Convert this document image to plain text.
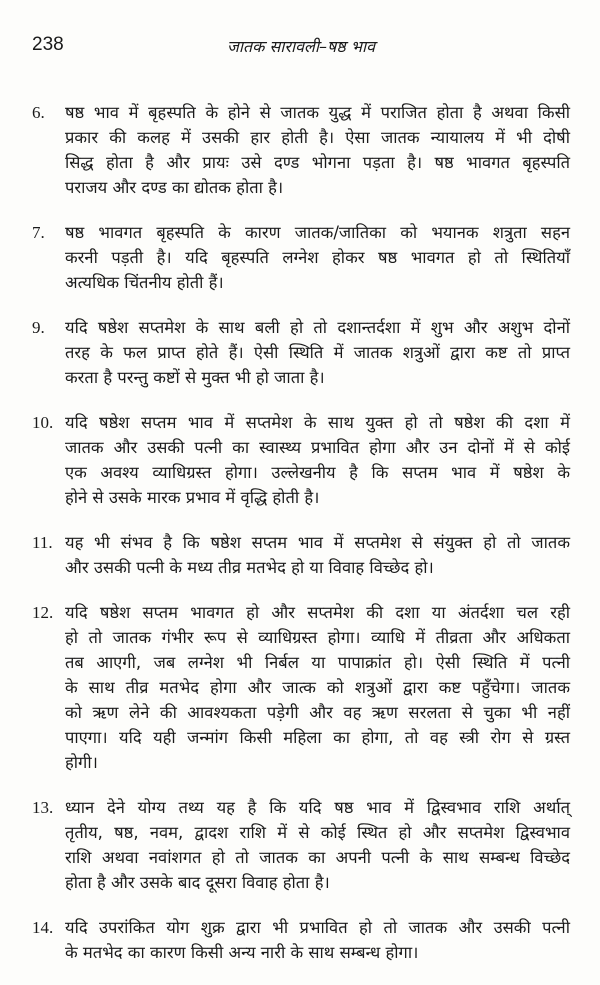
238	जातक सारावली–षष्ठ भाव
6. षष्ठ भाव में बृहस्पति के होने से जातक युद्ध में पराजित होता है अथवा किसी
प्रकार की कलह में उसकी हार होती है। ऐसा जातक न्यायालय में भी दोषी
सिद्ध होता है और प्रायः उसे दण्ड भोगना पड़ता है। षष्ठ भावगत बृहस्पति
पराजय और दण्ड का द्योतक होता है।
7. षष्ठ भावगत बृहस्पति के कारण जातक/जातिका को भयानक शत्रुता सहन
करनी पड़ती है। यदि बृहस्पति लग्नेश होकर षष्ठ भावगत हो तो स्थितियाँ
अत्यधिक चिंतनीय होती हैं।
9. यदि षष्ठेश सप्तमेश के साथ बली हो तो दशान्तर्दशा में शुभ और अशुभ दोनों
तरह के फल प्राप्त होते हैं। ऐसी स्थिति में जातक शत्रुओं द्वारा कष्ट तो प्राप्त
करता है परन्तु कष्टों से मुक्त भी हो जाता है।
10. यदि षष्ठेश सप्तम भाव में सप्तमेश के साथ युक्त हो तो षष्ठेश की दशा में
जातक और उसकी पत्नी का स्वास्थ्य प्रभावित होगा और उन दोनों में से कोई
एक अवश्य व्याधिग्रस्त होगा। उल्लेखनीय है कि सप्तम भाव में षष्ठेश के
होने से उसके मारक प्रभाव में वृद्धि होती है।
11. यह भी संभव है कि षष्ठेश सप्तम भाव में सप्तमेश से संयुक्त हो तो जातक
और उसकी पत्नी के मध्य तीव्र मतभेद हो या विवाह विच्छेद हो।
12. यदि षष्ठेश सप्तम भावगत हो और सप्तमेश की दशा या अंतर्दशा चल रही
हो तो जातक गंभीर रूप से व्याधिग्रस्त होगा। व्याधि में तीव्रता और अधिकता
तब आएगी, जब लग्नेश भी निर्बल या पापाक्रांत हो। ऐसी स्थिति में पत्नी
के साथ तीव्र मतभेद होगा और जात्क को शत्रुओं द्वारा कष्ट पहुँचेगा। जातक
को ऋण लेने की आवश्यकता पड़ेगी और वह ऋण सरलता से चुका भी नहीं
पाएगा। यदि यही जन्मांग किसी महिला का होगा, तो वह स्त्री रोग से ग्रस्त
होगी।
13. ध्यान देने योग्य तथ्य यह है कि यदि षष्ठ भाव में द्विस्वभाव राशि अर्थात्
तृतीय, षष्ठ, नवम, द्वादश राशि में से कोई स्थित हो और सप्तमेश द्विस्वभाव
राशि अथवा नवांशगत हो तो जातक का अपनी पत्नी के साथ सम्बन्ध विच्छेद
होता है और उसके बाद दूसरा विवाह होता है।
14. यदि उपरांकित योग शुक्र द्वारा भी प्रभावित हो तो जातक और उसकी पत्नी
के मतभेद का कारण किसी अन्य नारी के साथ सम्बन्ध होगा।
